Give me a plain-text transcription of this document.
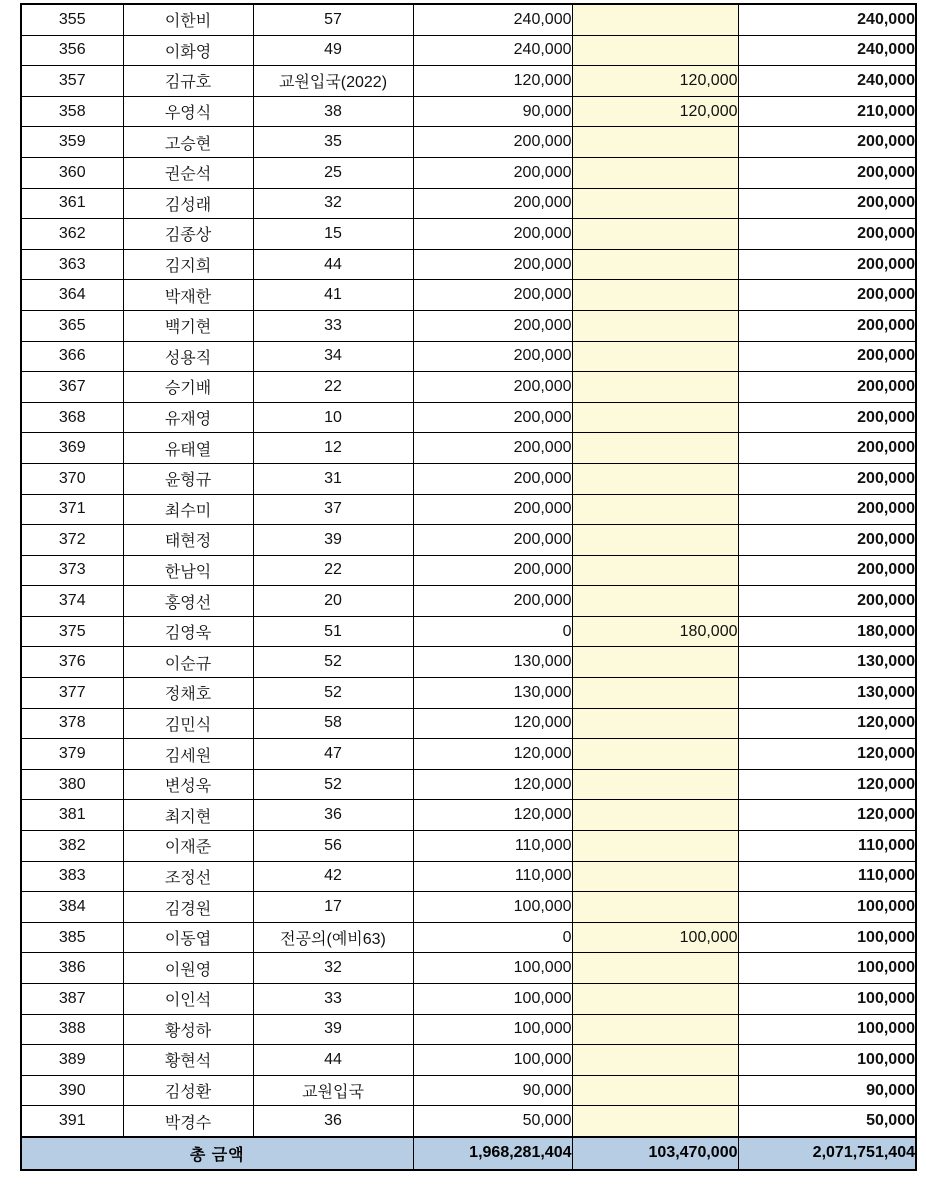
355	이한비	57	240,000		240,000
356	이화영	49	240,000		240,000
357	김규호	교원입국(2022)	120,000	120,000	240,000
358	우영식	38	90,000	120,000	210,000
359	고승현	35	200,000		200,000
360	권순석	25	200,000		200,000
361	김성래	32	200,000		200,000
362	김종상	15	200,000		200,000
363	김지희	44	200,000		200,000
364	박재한	41	200,000		200,000
365	백기현	33	200,000		200,000
366	성용직	34	200,000		200,000
367	승기배	22	200,000		200,000
368	유재영	10	200,000		200,000
369	유태열	12	200,000		200,000
370	윤형규	31	200,000		200,000
371	최수미	37	200,000		200,000
372	태현정	39	200,000		200,000
373	한남익	22	200,000		200,000
374	홍영선	20	200,000		200,000
375	김영욱	51	0	180,000	180,000
376	이순규	52	130,000		130,000
377	정채호	52	130,000		130,000
378	김민식	58	120,000		120,000
379	김세원	47	120,000		120,000
380	변성욱	52	120,000		120,000
381	최지현	36	120,000		120,000
382	이재준	56	110,000		110,000
383	조정선	42	110,000		110,000
384	김경원	17	100,000		100,000
385	이동엽	전공의(예비63)	0	100,000	100,000
386	이원영	32	100,000		100,000
387	이인석	33	100,000		100,000
388	황성하	39	100,000		100,000
389	황현석	44	100,000		100,000
390	김성환	교원입국	90,000		90,000
391	박경수	36	50,000		50,000
총 금액			1,968,281,404	103,470,000	2,071,751,404
